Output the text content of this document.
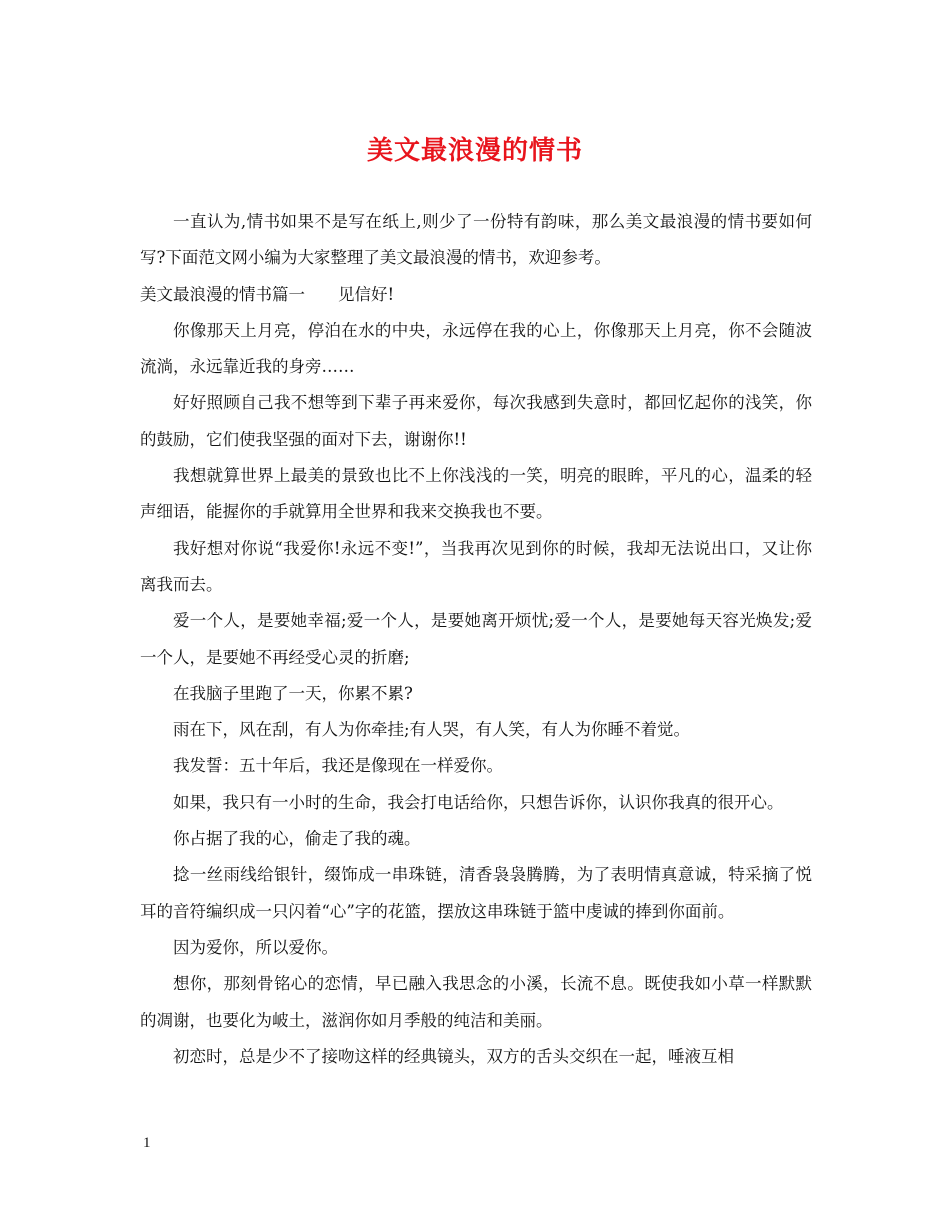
美文最浪漫的情书

一直认为,情书如果不是写在纸上,则少了一份特有韵味，那么美文最浪漫的情书要如何写?下面范文网小编为大家整理了美文最浪漫的情书，欢迎参考。

美文最浪漫的情书篇一　　见信好!

你像那天上月亮，停泊在水的中央，永远停在我的心上，你像那天上月亮，你不会随波流淌，永远靠近我的身旁……

好好照顾自己我不想等到下辈子再来爱你，每次我感到失意时，都回忆起你的浅笑，你的鼓励，它们使我坚强的面对下去，谢谢你!!

我想就算世界上最美的景致也比不上你浅浅的一笑，明亮的眼眸，平凡的心，温柔的轻声细语，能握你的手就算用全世界和我来交换我也不要。

我好想对你说“我爱你!永远不变!”，当我再次见到你的时候，我却无法说出口，又让你离我而去。

爱一个人，是要她幸福;爱一个人，是要她离开烦忧;爱一个人，是要她每天容光焕发;爱一个人，是要她不再经受心灵的折磨;

在我脑子里跑了一天，你累不累?

雨在下，风在刮，有人为你牵挂;有人哭，有人笑，有人为你睡不着觉。

我发誓：五十年后，我还是像现在一样爱你。

如果，我只有一小时的生命，我会打电话给你，只想告诉你，认识你我真的很开心。

你占据了我的心，偷走了我的魂。

捻一丝雨线给银针，缀饰成一串珠链，清香袅袅腾腾，为了表明情真意诚，特采摘了悦耳的音符编织成一只闪着“心”字的花篮，摆放这串珠链于篮中虔诚的捧到你面前。

因为爱你，所以爱你。

想你，那刻骨铭心的恋情，早已融入我思念的小溪，长流不息。既使我如小草一样默默的凋谢，也要化为岥土，滋润你如月季般的纯洁和美丽。

初恋时，总是少不了接吻这样的经典镜头，双方的舌头交织在一起，唾液互相

1
